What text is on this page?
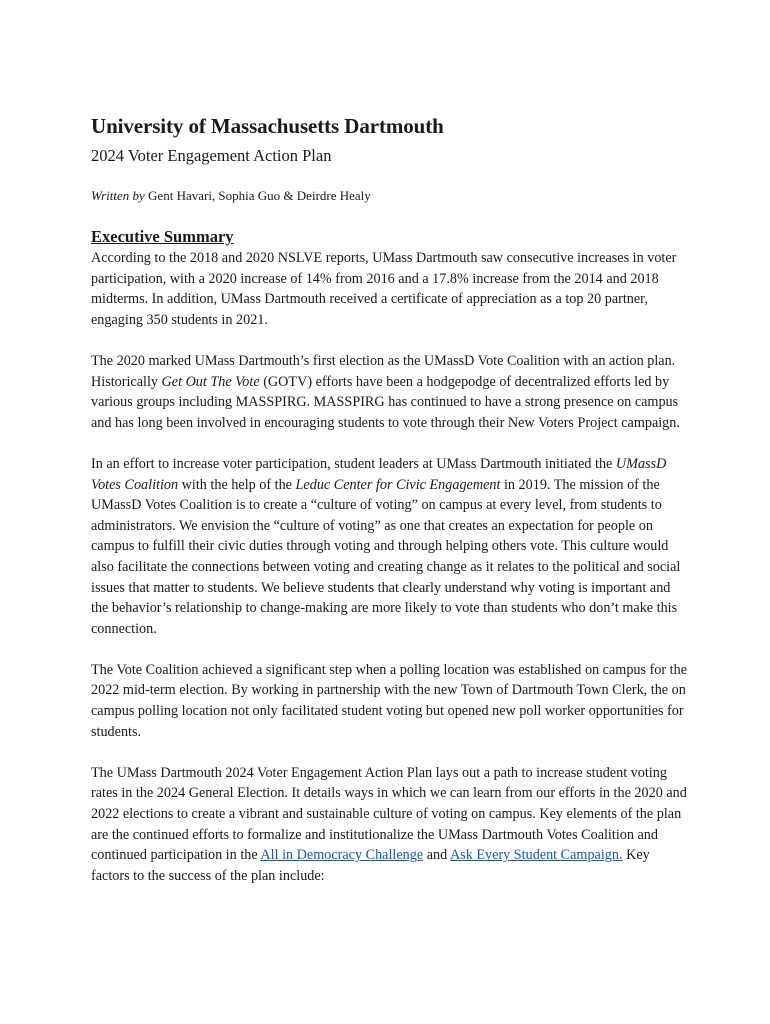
University of Massachusetts Dartmouth
2024 Voter Engagement Action Plan
Written by Gent Havari, Sophia Guo & Deirdre Healy
Executive Summary

According to the 2018 and 2020 NSLVE reports, UMass Dartmouth saw consecutive increases in voter participation, with a 2020 increase of 14% from 2016 and a 17.8% increase from the 2014 and 2018 midterms. In addition, UMass Dartmouth received a certificate of appreciation as a top 20 partner, engaging 350 students in 2021.

The 2020 marked UMass Dartmouth’s first election as the UMassD Vote Coalition with an action plan. Historically Get Out The Vote (GOTV) efforts have been a hodgepodge of decentralized efforts led by various groups including MASSPIRG. MASSPIRG has continued to have a strong presence on campus and has long been involved in encouraging students to vote through their New Voters Project campaign.

In an effort to increase voter participation, student leaders at UMass Dartmouth initiated the UMassD Votes Coalition with the help of the Leduc Center for Civic Engagement in 2019. The mission of the UMassD Votes Coalition is to create a “culture of voting” on campus at every level, from students to administrators. We envision the “culture of voting” as one that creates an expectation for people on campus to fulfill their civic duties through voting and through helping others vote. This culture would also facilitate the connections between voting and creating change as it relates to the political and social issues that matter to students. We believe students that clearly understand why voting is important and the behavior’s relationship to change-making are more likely to vote than students who don’t make this connection.

The Vote Coalition achieved a significant step when a polling location was established on campus for the 2022 mid-term election. By working in partnership with the new Town of Dartmouth Town Clerk, the on campus polling location not only facilitated student voting but opened new poll worker opportunities for students.

The UMass Dartmouth 2024 Voter Engagement Action Plan lays out a path to increase student voting rates in the 2024 General Election. It details ways in which we can learn from our efforts in the 2020 and 2022 elections to create a vibrant and sustainable culture of voting on campus. Key elements of the plan are the continued efforts to formalize and institutionalize the UMass Dartmouth Votes Coalition and continued participation in the All in Democracy Challenge and Ask Every Student Campaign. Key factors to the success of the plan include:
